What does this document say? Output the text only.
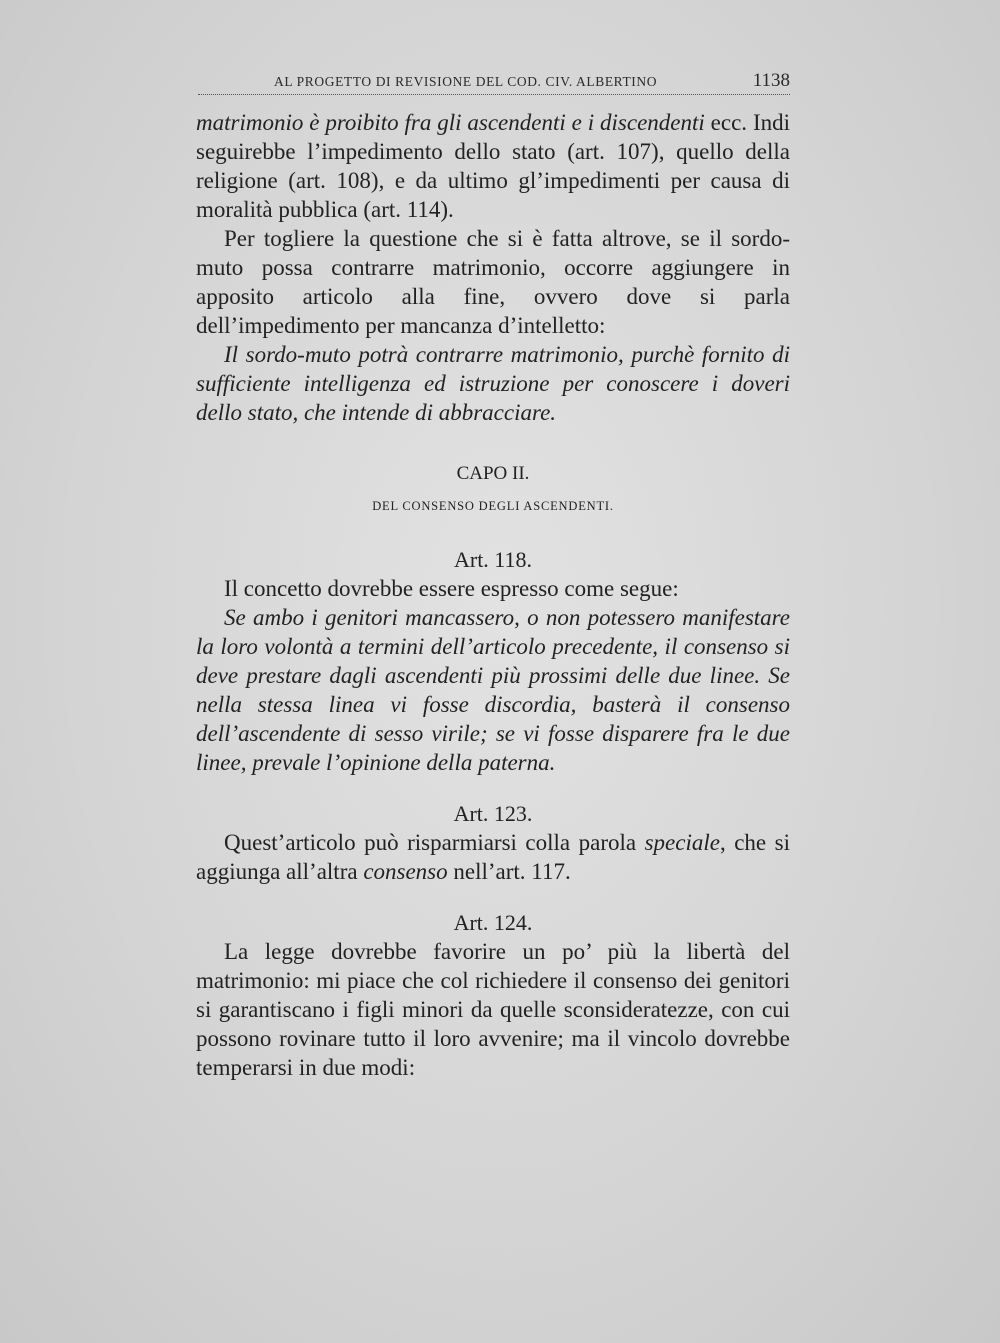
AL PROGETTO DI REVISIONE DEL COD. CIV. ALBERTINO	1138

matrimonio è proibito fra gli ascendenti e i discendenti ecc. Indi seguirebbe l’impedimento dello stato (art. 107), quello della religione (art. 108), e da ultimo gl’impedimenti per causa di moralità pubblica (art. 114).

Per togliere la questione che si è fatta altrove, se il sordo-muto possa contrarre matrimonio, occorre aggiungere in apposito articolo alla fine, ovvero dove si parla dell’impedimento per mancanza d’intelletto:

Il sordo-muto potrà contrarre matrimonio, purchè fornito di sufficiente intelligenza ed istruzione per conoscere i doveri dello stato, che intende di abbracciare.

CAPO II.
DEL CONSENSO DEGLI ASCENDENTI.
Art. 118.

Il concetto dovrebbe essere espresso come segue:

Se ambo i genitori mancassero, o non potessero manifestare la loro volontà a termini dell’articolo precedente, il consenso si deve prestare dagli ascendenti più prossimi delle due linee. Se nella stessa linea vi fosse discordia, basterà il consenso dell’ascendente di sesso virile; se vi fosse disparere fra le due linee, prevale l’opinione della paterna.

Art. 123.

Quest’articolo può risparmiarsi colla parola speciale, che si aggiunga all’altra consenso nell’art. 117.

Art. 124.

La legge dovrebbe favorire un po’ più la libertà del matrimonio: mi piace che col richiedere il consenso dei genitori si garantiscano i figli minori da quelle sconsideratezze, con cui possono rovinare tutto il loro avvenire; ma il vincolo dovrebbe temperarsi in due modi:
